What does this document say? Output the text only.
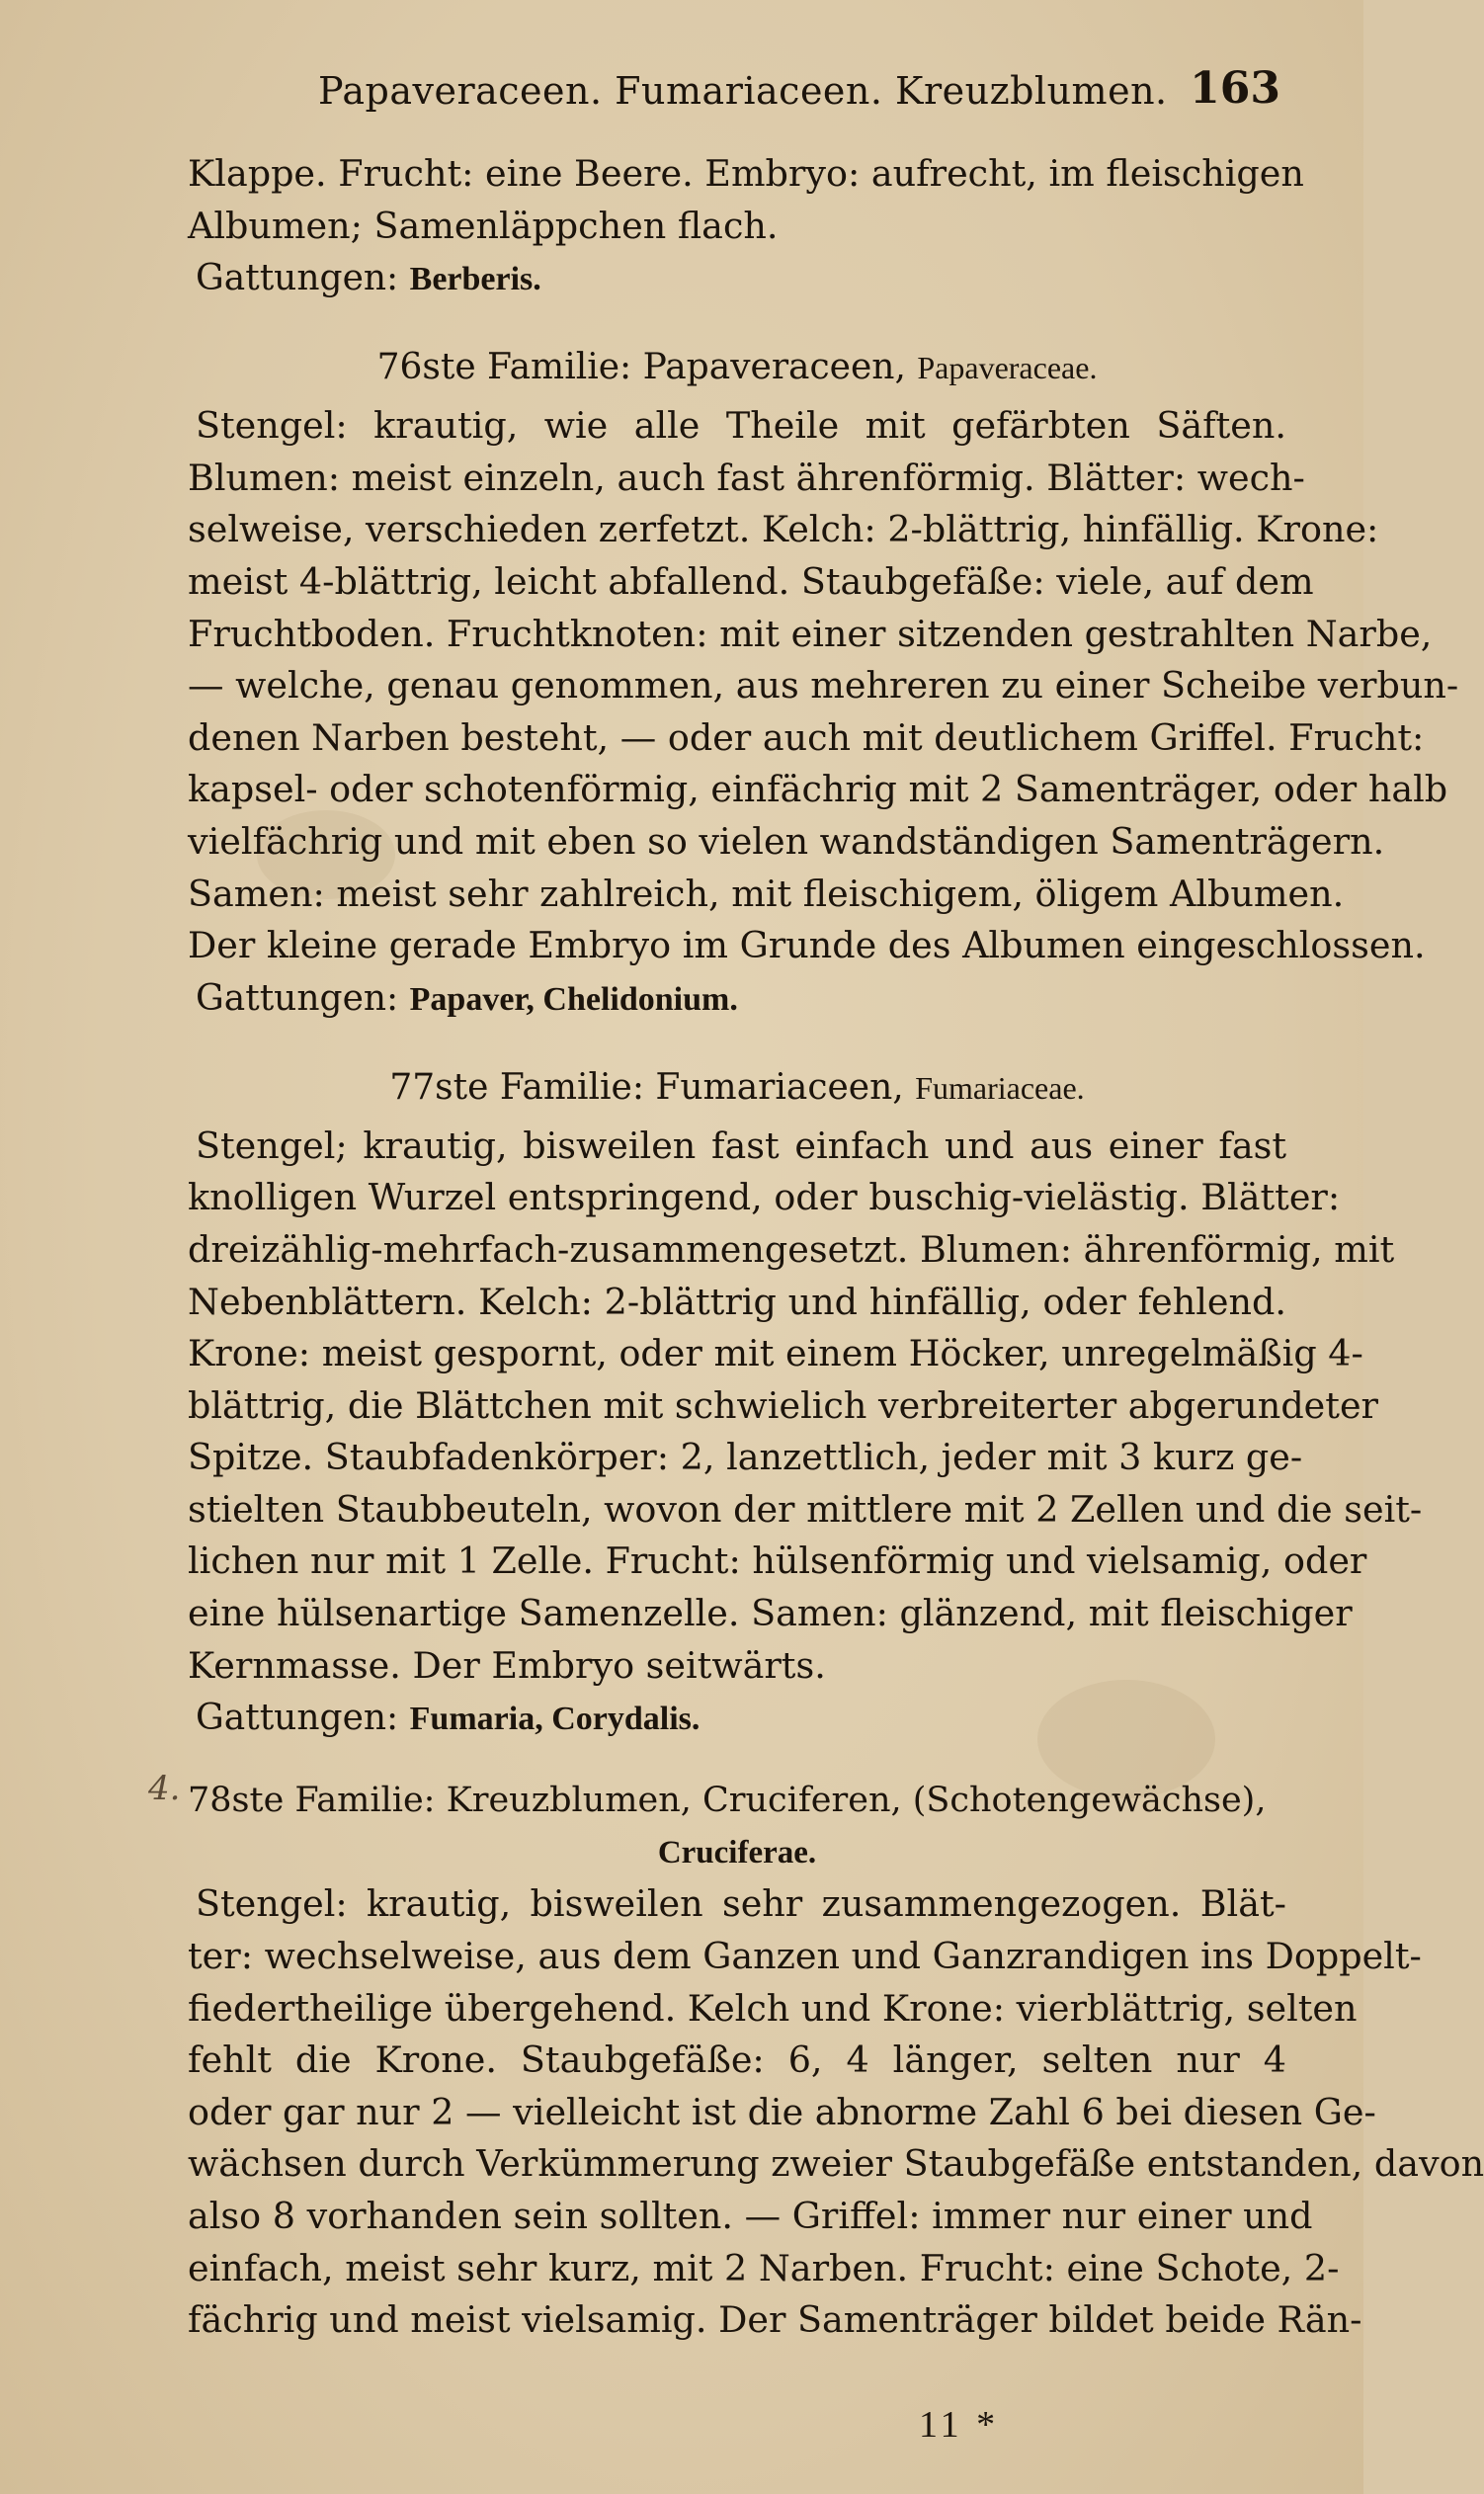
Papaveraceen. Fumariaceen. Kreuzblumen. 163
Klappe. Frucht: eine Beere. Embryo: aufrecht, im fleischigen
Albumen; Samenläppchen flach.
Gattungen: Berberis.
76ste Familie: Papaveraceen, Papaveraceae.
Stengel: krautig, wie alle Theile mit gefärbten Säften.
Blumen: meist einzeln, auch fast ährenförmig. Blätter: wech-
selweise, verschieden zerfetzt. Kelch: 2-blättrig, hinfällig. Krone:
meist 4-blättrig, leicht abfallend. Staubgefäße: viele, auf dem
Fruchtboden. Fruchtknoten: mit einer sitzenden gestrahlten Narbe,
— welche, genau genommen, aus mehreren zu einer Scheibe verbun-
denen Narben besteht, — oder auch mit deutlichem Griffel. Frucht:
kapsel- oder schotenförmig, einfächrig mit 2 Samenträger, oder halb
vielfächrig und mit eben so vielen wandständigen Samenträgern.
Samen: meist sehr zahlreich, mit fleischigem, öligem Albumen.
Der kleine gerade Embryo im Grunde des Albumen eingeschlossen.
Gattungen: Papaver, Chelidonium.
77ste Familie: Fumariaceen, Fumariaceae.
Stengel; krautig, bisweilen fast einfach und aus einer fast
knolligen Wurzel entspringend, oder buschig-vielästig. Blätter:
dreizählig-mehrfach-zusammengesetzt. Blumen: ährenförmig, mit
Nebenblättern. Kelch: 2-blättrig und hinfällig, oder fehlend.
Krone: meist gespornt, oder mit einem Höcker, unregelmäßig 4-
blättrig, die Blättchen mit schwielich verbreiterter abgerundeter
Spitze. Staubfadenkörper: 2, lanzettlich, jeder mit 3 kurz ge-
stielten Staubbeuteln, wovon der mittlere mit 2 Zellen und die seit-
lichen nur mit 1 Zelle. Frucht: hülsenförmig und vielsamig, oder
eine hülsenartige Samenzelle. Samen: glänzend, mit fleischiger
Kernmasse. Der Embryo seitwärts.
Gattungen: Fumaria, Corydalis.
78ste Familie: Kreuzblumen, Cruciferen, (Schotengewächse),
Cruciferae.
Stengel: krautig, bisweilen sehr zusammengezogen. Blät-
ter: wechselweise, aus dem Ganzen und Ganzrandigen ins Doppelt-
fiedertheilige übergehend. Kelch und Krone: vierblättrig, selten
fehlt die Krone. Staubgefäße: 6, 4 länger, selten nur 4
oder gar nur 2 — vielleicht ist die abnorme Zahl 6 bei diesen Ge-
wächsen durch Verkümmerung zweier Staubgefäße entstanden, davon
also 8 vorhanden sein sollten. — Griffel: immer nur einer und
einfach, meist sehr kurz, mit 2 Narben. Frucht: eine Schote, 2-
fächrig und meist vielsamig. Der Samenträger bildet beide Rän-
4.
11 *
